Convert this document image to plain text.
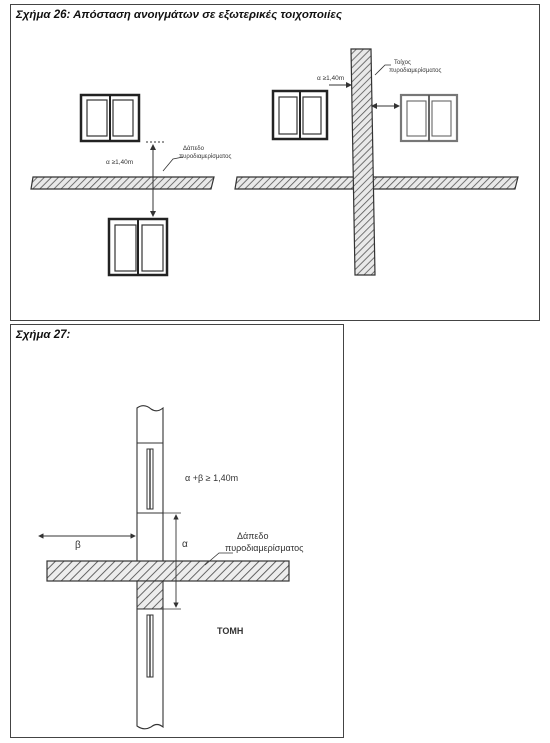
Σχήμα 26: Απόσταση ανοιγμάτων σε εξωτερικές τοιχοποιίες
α ≥1,40m
Δάπεδο
πυροδιαμερίσματος
α ≥1,40m
Τοίχος
πυροδιαμερίσματος
Σχήμα 27:
β	α
α +β ≥ 1,40m
Δάπεδο
πυροδιαμερίσματος
ΤΟΜΗ
